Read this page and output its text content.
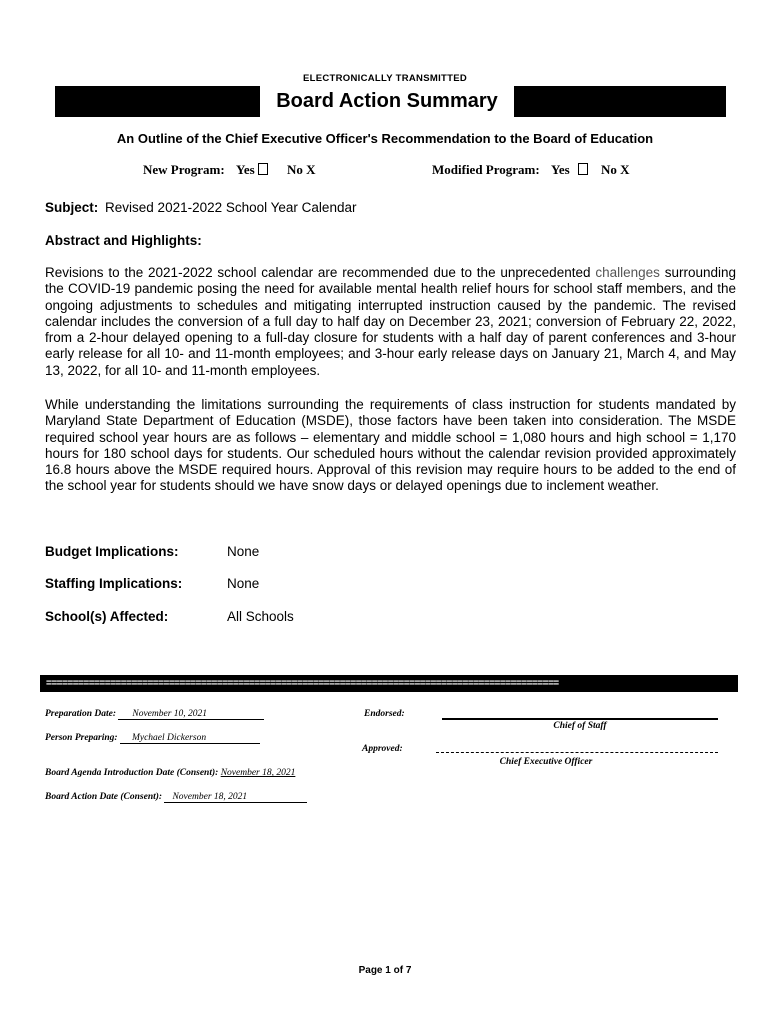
ELECTRONICALLY TRANSMITTED
Board Action Summary
An Outline of the Chief Executive Officer's Recommendation to the Board of Education
New Program: Yes No X	Modified Program: Yes No X
Subject: Revised 2021-2022 School Year Calendar
Abstract and Highlights:

Revisions to the 2021-2022 school calendar are recommended due to the unprecedented challenges surrounding the COVID-19 pandemic posing the need for available mental health relief hours for school staff members, and the ongoing adjustments to schedules and mitigating interrupted instruction caused by the pandemic. The revised calendar includes the conversion of a full day to half day on December 23, 2021; conversion of February 22, 2022, from a 2-hour delayed opening to a full-day closure for students with a half day of parent conferences and 3-hour early release for all 10- and 11-month employees; and 3-hour early release days on January 21, March 4, and May 13, 2022, for all 10- and 11-month employees.

While understanding the limitations surrounding the requirements of class instruction for students mandated by Maryland State Department of Education (MSDE), those factors have been taken into consideration. The MSDE required school year hours are as follows – elementary and middle school = 1,080 hours and high school = 1,170 hours for 180 school days for students. Our scheduled hours without the calendar revision provided approximately 16.8 hours above the MSDE required hours. Approval of this revision may require hours to be added to the end of the school year for students should we have snow days or delayed openings due to inclement weather.

Budget Implications:	None
Staffing Implications:	None
School(s) Affected:	All Schools
================================================================================================
Preparation Date: November 10, 2021
Person Preparing: Mychael Dickerson
Board Agenda Introduction Date (Consent): November 18, 2021
Board Action Date (Consent): November 18, 2021
Endorsed:
Chief of Staff
Approved:
Chief Executive Officer
Page 1 of 7
